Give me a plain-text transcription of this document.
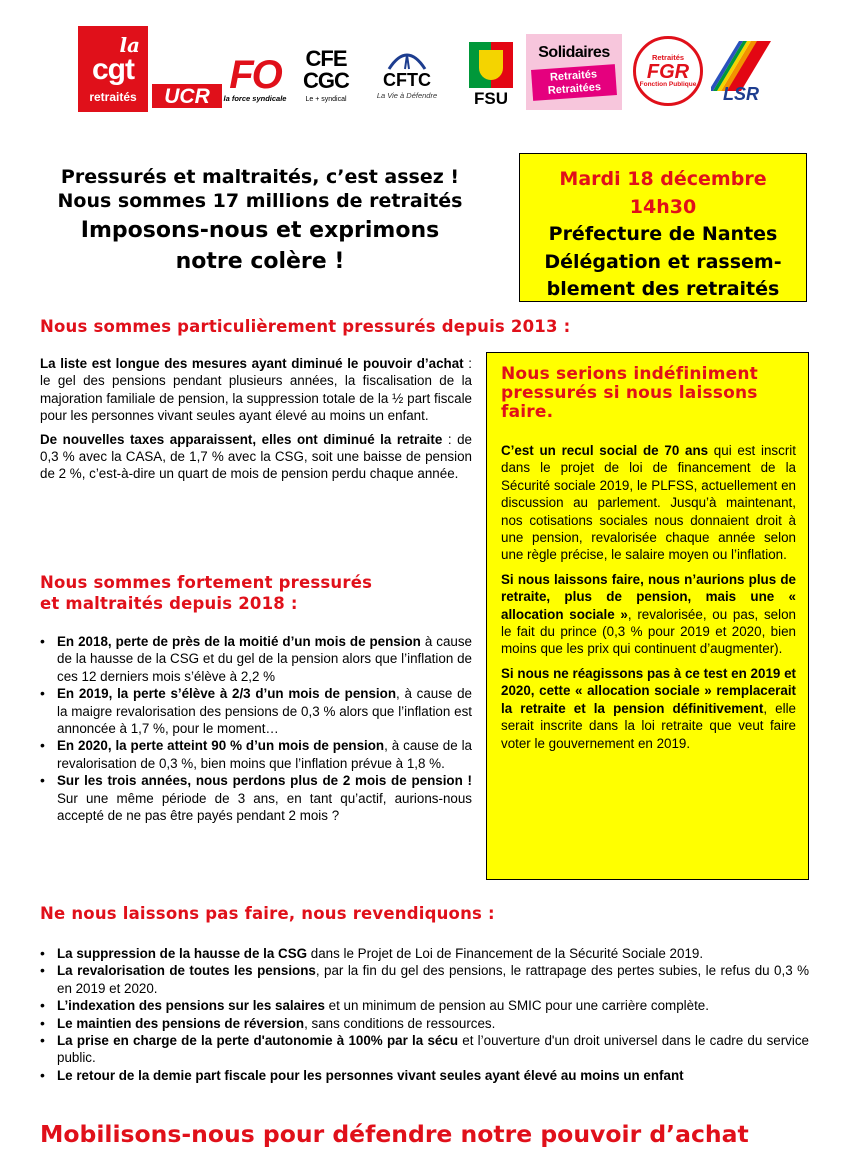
la
cgt
retraités UCR FO
la force syndicale
CFE
CGC
Le + syndical
CFTC
La Vie à Défendre FSU
Solidaires
Retraités Retraitées
Retraités
FGR
Fonction Publique LSR
Pressurés et maltraités, c’est assez !
Nous sommes 17 millions de retraités
Imposons-nous et exprimons
notre colère !
Mardi 18 décembre
14h30
Préfecture de Nantes
Délégation et rassem-
blement des retraités
Nous sommes particulièrement pressurés depuis 2013 :

La liste est longue des mesures ayant diminué le pouvoir d’achat : le gel des pensions pendant plusieurs années, la fiscalisation de la majoration familiale de pension, la suppression totale de la ½ part fiscale pour les personnes vivant seules ayant élevé au moins un enfant.

De nouvelles taxes apparaissent, elles ont diminué la retraite : de 0,3 % avec la CASA, de 1,7 % avec la CSG, soit une baisse de pension de 2 %, c’est-à-dire un quart de mois de pension perdu chaque année.

Nous sommes fortement pressurés
et maltraités depuis 2018 :
• En 2018, perte de près de la moitié d’un mois de pension à cause de la hausse de la CSG et du gel de la pension alors que l’inflation de ces 12 derniers mois s’élève à 2,2 %
• En 2019, la perte s’élève à 2/3 d’un mois de pension, à cause de la maigre revalorisation des pensions de 0,3 % alors que l’inflation est annoncée à 1,7 %, pour le moment…
• En 2020, la perte atteint 90 % d’un mois de pension, à cause de la revalorisation de 0,3 %, bien moins que l’inflation prévue à 1,8 %.
• Sur les trois années, nous perdons plus de 2 mois de pension ! Sur une même période de 3 ans, en tant qu’actif, aurions-nous accepté de ne pas être payés pendant 2 mois ?
Nous serions indéfiniment pressurés si nous laissons faire.

C’est un recul social de 70 ans qui est inscrit dans le projet de loi de financement de la Sécurité sociale 2019, le PLFSS, actuellement en discussion au parlement. Jusqu’à maintenant, nos cotisations sociales nous donnaient droit à une pension, revalorisée chaque année selon une règle précise, le salaire moyen ou l’inflation.

Si nous laissons faire, nous n’aurions plus de retraite, plus de pension, mais une « allocation sociale », revalorisée, ou pas, selon le fait du prince (0,3 % pour 2019 et 2020, bien moins que les prix qui continuent d’augmenter).

Si nous ne réagissons pas à ce test en 2019 et 2020, cette « allocation sociale » remplacerait la retraite et la pension définitivement, elle serait inscrite dans la loi retraite que veut faire voter le gouvernement en 2019.

Ne nous laissons pas faire, nous revendiquons :
• La suppression de la hausse de la CSG dans le Projet de Loi de Financement de la Sécurité Sociale 2019.
• La revalorisation de toutes les pensions, par la fin du gel des pensions, le rattrapage des pertes subies, le refus du 0,3 % en 2019 et 2020.
• L’indexation des pensions sur les salaires et un minimum de pension au SMIC pour une carrière complète.
• Le maintien des pensions de réversion, sans conditions de ressources.
• La prise en charge de la perte d'autonomie à 100% par la sécu et l’ouverture d'un droit universel dans le cadre du service public.
• Le retour de la demie part fiscale pour les personnes vivant seules ayant élevé au moins un enfant
Mobilisons-nous pour défendre notre pouvoir d’achat
